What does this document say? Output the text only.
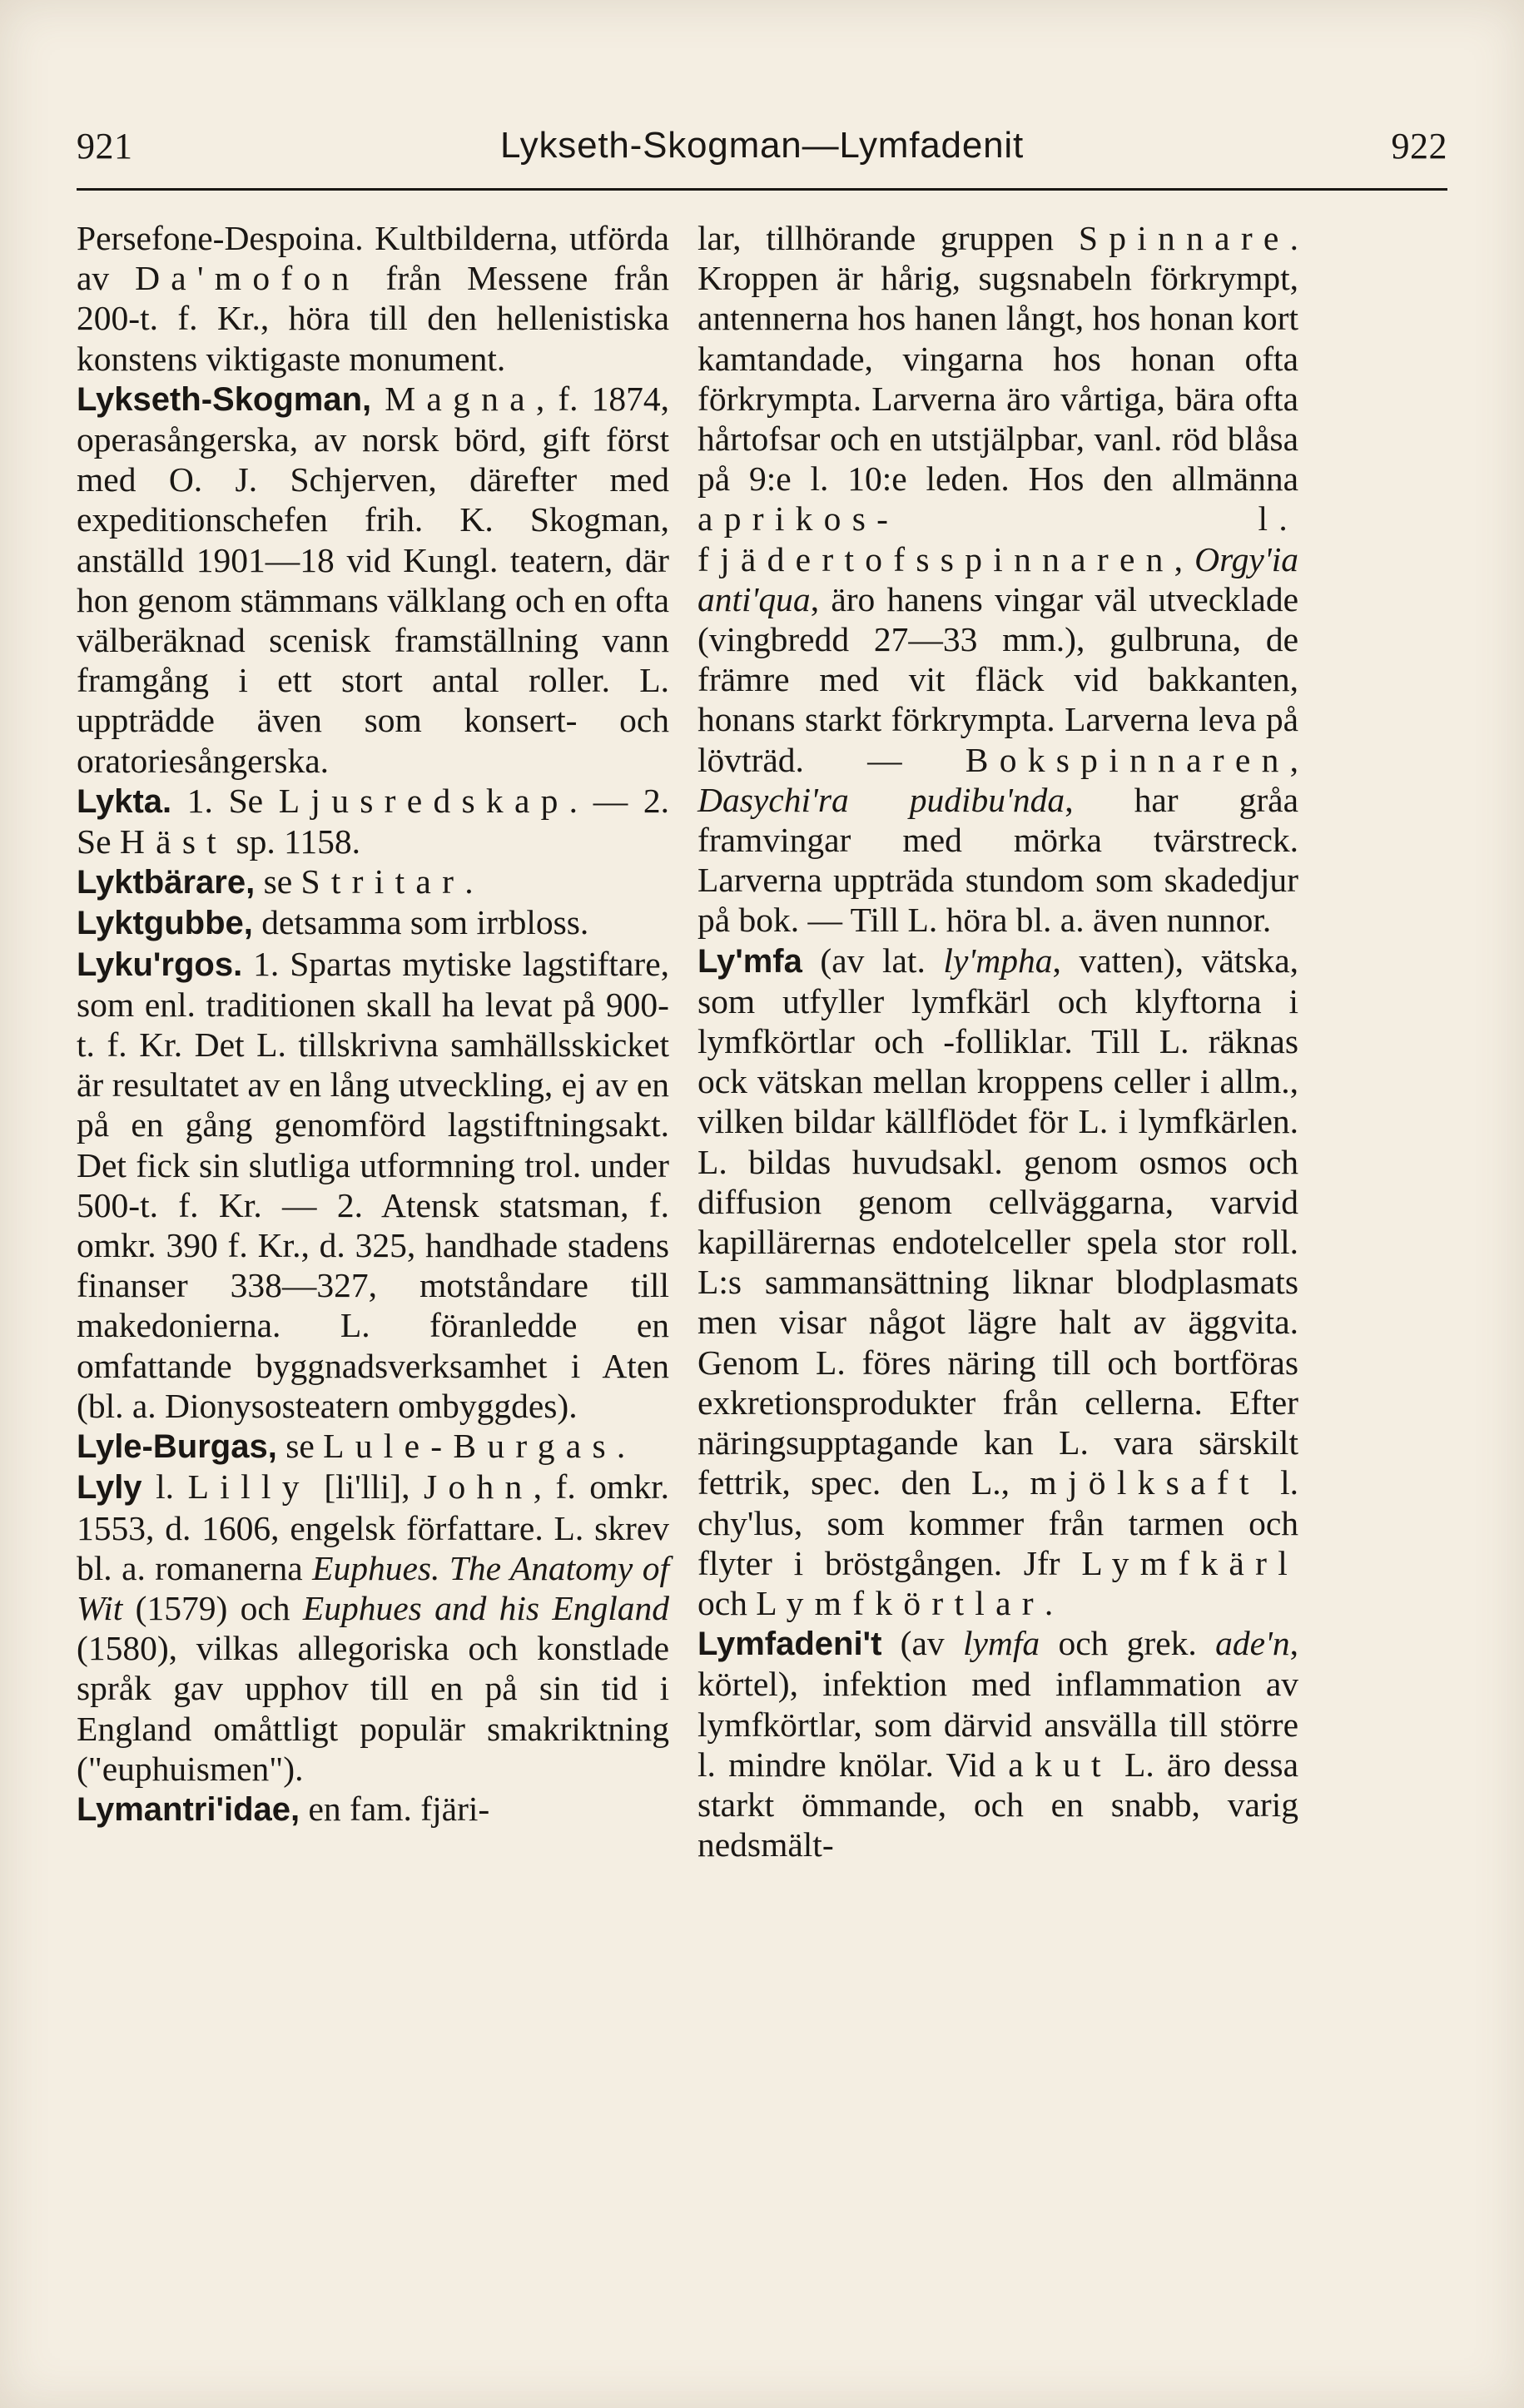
921	Lykseth-Skogman—Lymfadenit	922

Persefone-Despoina. Kultbilderna, utförda av Da'mofon från Messene från 200-t. f. Kr., höra till den hellenistiska konstens viktigaste monument.

Lykseth-Skogman, Magna, f. 1874, operasångerska, av norsk börd, gift först med O. J. Schjerven, därefter med expeditionschefen frih. K. Skogman, anställd 1901—18 vid Kungl. teatern, där hon genom stämmans välklang och en ofta välberäknad scenisk framställning vann framgång i ett stort antal roller. L. uppträdde även som konsert- och oratoriesångerska.

Lykta. 1. Se Ljusredskap. — 2. Se Häst sp. 1158.

Lyktbärare, se Stritar.

Lyktgubbe, detsamma som irrbloss.

Lyku'rgos. 1. Spartas mytiske lagstiftare, som enl. traditionen skall ha levat på 900-t. f. Kr. Det L. tillskrivna samhällsskicket är resultatet av en lång utveckling, ej av en på en gång genomförd lagstiftningsakt. Det fick sin slutliga utformning trol. under 500-t. f. Kr. — 2. Atensk statsman, f. omkr. 390 f. Kr., d. 325, handhade stadens finanser 338—327, motståndare till makedonierna. L. föranledde en omfattande byggnadsverksamhet i Aten (bl. a. Dionysosteatern ombyggdes).

Lyle-Burgas, se Lule-Burgas.

Lyly l. Lilly [li'lli], John, f. omkr. 1553, d. 1606, engelsk författare. L. skrev bl. a. romanerna Euphues. The Anatomy of Wit (1579) och Euphues and his England (1580), vilkas allegoriska och konstlade språk gav upphov till en på sin tid i England omåttligt populär smakriktning ("euphuismen").

Lymantri'idae, en fam. fjäri-

lar, tillhörande gruppen Spinnare. Kroppen är hårig, sugsnabeln förkrympt, antennerna hos hanen långt, hos honan kort kamtandade, vingarna hos honan ofta förkrympta. Larverna äro vårtiga, bära ofta hårtofsar och en utstjälpbar, vanl. röd blåsa på 9:e l. 10:e leden. Hos den allmänna aprikos- l. fjädertofsspinnaren, Orgy'ia anti'qua, äro hanens vingar väl utvecklade (vingbredd 27—33 mm.), gulbruna, de främre med vit fläck vid bakkanten, honans starkt förkrympta. Larverna leva på lövträd. — Bokspinnaren, Dasychi'ra pudibu'nda, har gråa framvingar med mörka tvärstreck. Larverna uppträda stundom som skadedjur på bok. — Till L. höra bl. a. även nunnor.

Ly'mfa (av lat. ly'mpha, vatten), vätska, som utfyller lymfkärl och klyftorna i lymfkörtlar och -folliklar. Till L. räknas ock vätskan mellan kroppens celler i allm., vilken bildar källflödet för L. i lymfkärlen. L. bildas huvudsakl. genom osmos och diffusion genom cellväggarna, varvid kapillärernas endotelceller spela stor roll. L:s sammansättning liknar blodplasmats men visar något lägre halt av äggvita. Genom L. föres näring till och bortföras exkretionsprodukter från cellerna. Efter näringsupptagande kan L. vara särskilt fettrik, spec. den L., mjölksaft l. chy'lus, som kommer från tarmen och flyter i bröstgången. Jfr Lymfkärl och Lymfkörtlar.

Lymfadeni't (av lymfa och grek. ade'n, körtel), infektion med inflammation av lymfkörtlar, som därvid ansvälla till större l. mindre knölar. Vid akut L. äro dessa starkt ömmande, och en snabb, varig nedsmält-
